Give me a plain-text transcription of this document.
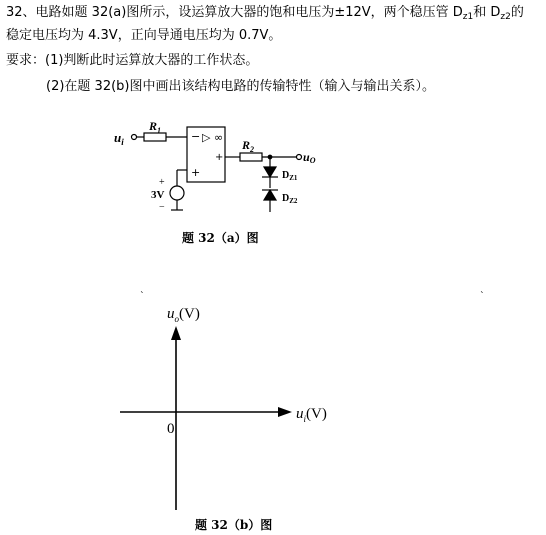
32、电路如题 32(a)图所示，设运算放大器的饱和电压为±12V，两个稳压管 $D_{z1}$和 $D_{z2}$的
稳定电压均为 4.3V，正向导通电压均为 0.7V。
要求：(1)判断此时运算放大器的工作状态。
(2)在题 32(b)图中画出该结构电路的传输特性（输入与输出关系）。
$u_i$
$R_1$	− ▷ ∞
+
+
$R_2$
uO
+
3V
−
$D_{Z1}$
$D_{Z2}$
ˎ	ˎ
$u_o(V)$
$u_i(V)$
0
题 32（a）图
题 32（b）图
